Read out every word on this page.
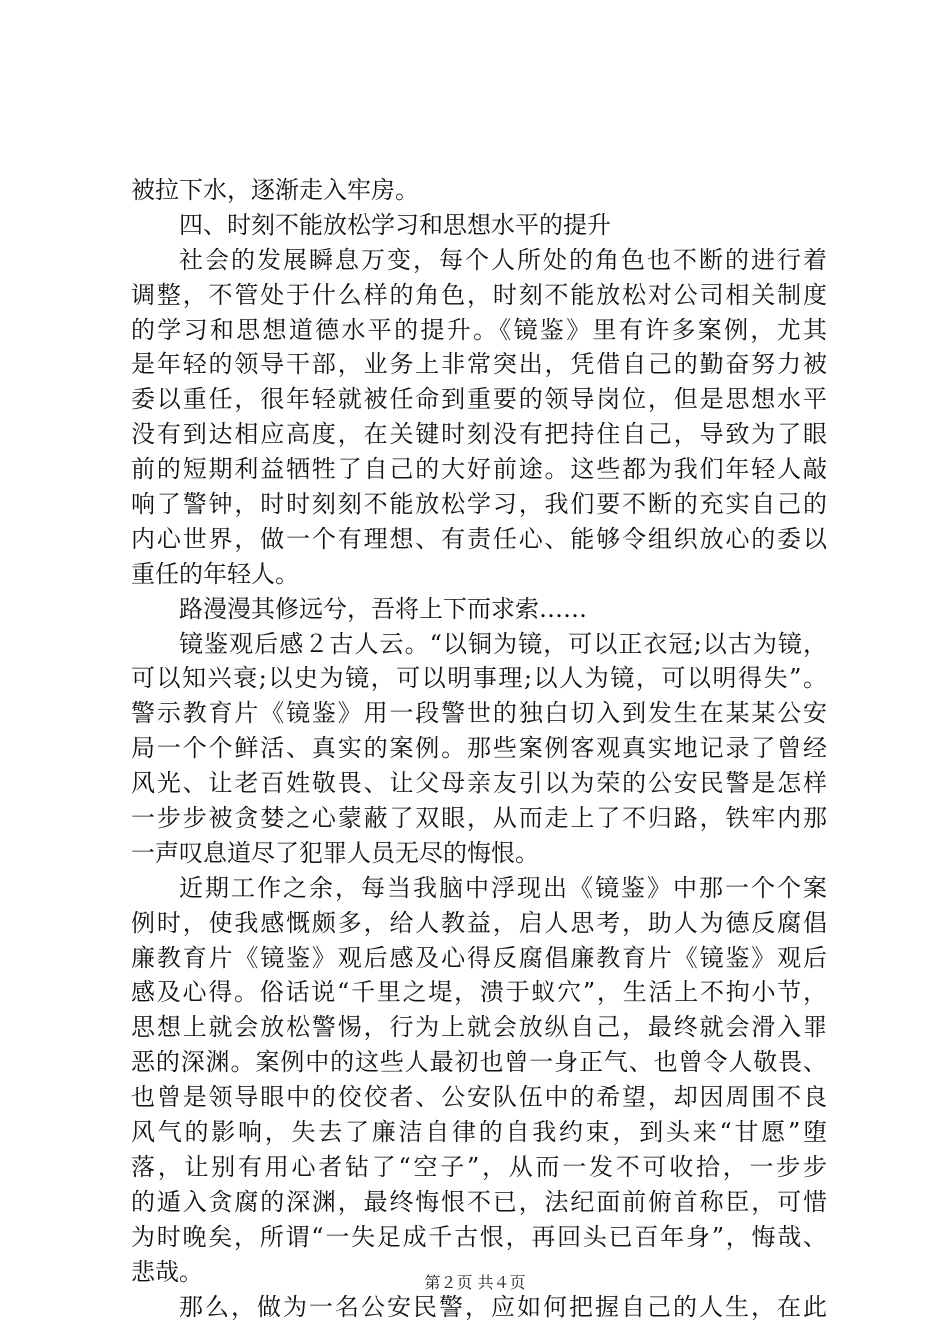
被拉下水，逐渐走入牢房。
四、时刻不能放松学习和思想水平的提升
社会的发展瞬息万变，每个人所处的角色也不断的进行着
调整，不管处于什么样的角色，时刻不能放松对公司相关制度
的学习和思想道德水平的提升。《镜鉴》里有许多案例，尤其
是年轻的领导干部，业务上非常突出，凭借自己的勤奋努力被
委以重任，很年轻就被任命到重要的领导岗位，但是思想水平
没有到达相应高度，在关键时刻没有把持住自己，导致为了眼
前的短期利益牺牲了自己的大好前途。这些都为我们年轻人敲
响了警钟，时时刻刻不能放松学习，我们要不断的充实自己的
内心世界，做一个有理想、有责任心、能够令组织放心的委以
重任的年轻人。
路漫漫其修远兮，吾将上下而求索……
镜鉴观后感２古人云。“以铜为镜，可以正衣冠;以古为镜，
可以知兴衰;以史为镜，可以明事理;以人为镜，可以明得失”。
警示教育片《镜鉴》用一段警世的独白切入到发生在某某公安
局一个个鲜活、真实的案例。那些案例客观真实地记录了曾经
风光、让老百姓敬畏、让父母亲友引以为荣的公安民警是怎样
一步步被贪婪之心蒙蔽了双眼，从而走上了不归路，铁牢内那
一声叹息道尽了犯罪人员无尽的悔恨。
近期工作之余，每当我脑中浮现出《镜鉴》中那一个个案
例时，使我感慨颇多，给人教益，启人思考，助人为德反腐倡
廉教育片《镜鉴》观后感及心得反腐倡廉教育片《镜鉴》观后
感及心得。俗话说“千里之堤，溃于蚁穴”，生活上不拘小节，
思想上就会放松警惕，行为上就会放纵自己，最终就会滑入罪
恶的深渊。案例中的这些人最初也曾一身正气、也曾令人敬畏、
也曾是领导眼中的佼佼者、公安队伍中的希望，却因周围不良
风气的影响，失去了廉洁自律的自我约束，到头来“甘愿”堕
落，让别有用心者钻了“空子”，从而一发不可收拾，一步步
的遁入贪腐的深渊，最终悔恨不已，法纪面前俯首称臣，可惜
为时晚矣，所谓“一失足成千古恨，再回头已百年身”，悔哉、
悲哉。
那么，做为一名公安民警，应如何把握自己的人生，在此
第２页 共４页
